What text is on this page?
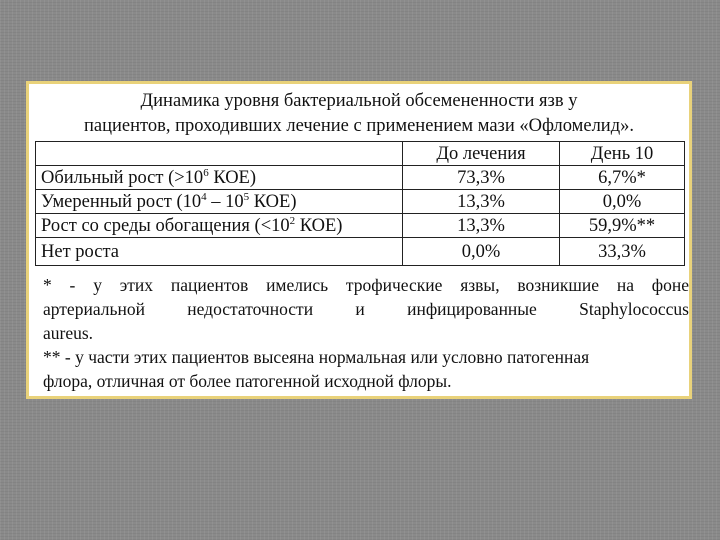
Динамика уровня бактериальной обсемененности язв у
пациентов, проходивших лечение с применением мази «Офломелид».
	До лечения	День 10
Обильный рост ($>10^6$ КОЕ)	73,3%	6,7%*
Умеренный рост ($10^4 - 10^5$ КОЕ)	13,3%	0,0%
Рост со среды обогащения ($<10^2$ КОЕ)	13,3%	59,9%**
Нет роста	0,0%	33,3%
* - у этих пациентов имелись трофические язвы, возникшие на фоне
артериальной недостаточности и инфицированные Staphylococcus
aureus.
** - у части этих пациентов высеяна нормальная или условно патогенная
флора, отличная от более патогенной исходной флоры.
